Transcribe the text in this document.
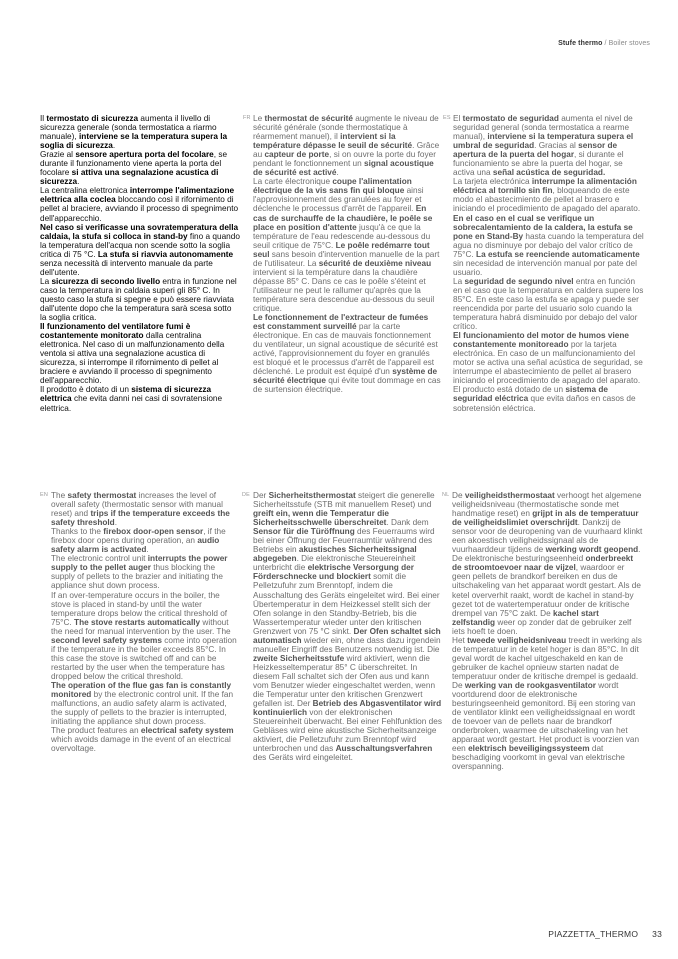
Stufe thermo / Boiler stoves
FR	ES
EN	DE	NL
Il termostato di sicurezza aumenta il livello di sicurezza generale (sonda termostatica a riarmo manuale), interviene se la temperatura supera la soglia di sicurezza.
Grazie al sensore apertura porta del focolare, se durante il funzionamento viene aperta la porta del focolare si attiva una segnalazione acustica di sicurezza.
La centralina elettronica interrompe l'alimentazione elettrica alla coclea bloccando così il rifornimento di pellet al braciere, avviando il processo di spegnimento dell'apparecchio.
Nel caso si verificasse una sovratemperatura della caldaia, la stufa si colloca in stand-by fino a quando la temperatura dell'acqua non scende sotto la soglia critica di 75 °C. La stufa si riavvia autonomamente senza necessità di intervento manuale da parte dell'utente.
La sicurezza di secondo livello entra in funzione nel caso la temperatura in caldaia superi gli 85° C. In questo caso la stufa si spegne e può essere riavviata dall'utente dopo che la temperatura sarà scesa sotto la soglia critica.
Il funzionamento del ventilatore fumi è costantemente monitorato dalla centralina elettronica. Nel caso di un malfunzionamento della ventola si attiva una segnalazione acustica di sicurezza, si interrompe il rifornimento di pellet al braciere e avviando il processo di spegnimento dell'apparecchio.
Il prodotto è dotato di un sistema di sicurezza elettrica che evita danni nei casi di sovratensione elettrica.
Le thermostat de sécurité augmente le niveau de sécurité générale (sonde thermostatique à réarmement manuel), il intervient si la température dépasse le seuil de sécurité. Grâce au capteur de porte, si on ouvre la porte du foyer pendant le fonctionnement un signal acoustique de sécurité est activé.
La carte électronique coupe l'alimentation électrique de la vis sans fin qui bloque ainsi l'approvisionnement des granulées au foyer et déclenche le processus d'arrêt de l'appareil. En cas de surchauffe de la chaudière, le poêle se place en position d'attente jusqu'à ce que la température de l'eau redescende au-dessous du seuil critique de 75°C. Le poêle redémarre tout seul sans besoin d'intervention manuelle de la part de l'utilisateur. La sécurité de deuxième niveau intervient si la température dans la chaudière dépasse 85° C. Dans ce cas le poêle s'éteint et l'utilisateur ne peut le rallumer qu'après que la température sera descendue au-dessous du seuil critique.
Le fonctionnement de l'extracteur de fumées est constamment surveillé par la carte électronique. En cas de mauvais fonctionnement du ventilateur, un signal acoustique de sécurité est activé, l'approvisionnement du foyer en granulés est bloqué et le processus d'arrêt de l'appareil est déclenché. Le produit est équipé d'un système de sécurité électrique qui évite tout dommage en cas de surtension électrique.
El termostato de seguridad aumenta el nivel de seguridad general (sonda termostatica a rearme manual), interviene si la temperatura supera el umbral de seguridad. Gracias al sensor de apertura de la puerta del hogar, si durante el funcionamiento se abre la puerta del hogar, se activa una señal acústica de seguridad.
La tarjeta electrónica interrumpe la alimentación eléctrica al tornillo sin fin, bloqueando de este modo el abastecimiento de pellet al brasero e iniciando el procedimiento de apagado del aparato.
En el caso en el cual se verifique un sobrecalentamiento de la caldera, la estufa se pone en Stand-By hasta cuando la temperatura del agua no disminuye por debajo del valor crítico de 75°C. La estufa se reenciende automaticamente sin necesidad de intervención manual por pate del usuario.
La seguridad de segundo nivel entra en función en el caso que la temperatura en caldera supere los 85°C. En este caso la estufa se apaga y puede ser reencendida por parte del usuario solo cuando la temperatura habrá disminuido por debajo del valor crítico.
El funcionamiento del motor de humos viene constantemente monitoreado por la tarjeta electrónica. En caso de un malfuncionamiento del motor se activa una señal acústica de seguridad, se interrumpe el abastecimiento de pellet al brasero iniciando el procedimiento de apagado del aparato.
El producto está dotado de un sistema de seguridad eléctrica que evita daños en casos de sobretensión eléctrica.
The safety thermostat increases the level of overall safety (thermostatic sensor with manual reset) and trips if the temperature exceeds the safety threshold.
Thanks to the firebox door-open sensor, if the firebox door opens during operation, an audio safety alarm is activated.
The electronic control unit interrupts the power supply to the pellet auger thus blocking the supply of pellets to the brazier and initiating the appliance shut down process.
If an over-temperature occurs in the boiler, the stove is placed in stand-by until the water temperature drops below the critical threshold of 75°C. The stove restarts automatically without the need for manual intervention by the user. The second level safety systems come into operation if the temperature in the boiler exceeds 85°C. In this case the stove is switched off and can be restarted by the user when the temperature has dropped below the critical threshold.
The operation of the flue gas fan is constantly monitored by the electronic control unit. If the fan malfunctions, an audio safety alarm is activated, the supply of pellets to the brazier is interrupted, initiating the appliance shut down process.
The product features an electrical safety system which avoids damage in the event of an electrical overvoltage.
Der Sicherheitsthermostat steigert die generelle Sicherheitsstufe (STB mit manuellem Reset) und greift ein, wenn die Temperatur die Sicherheitsschwelle überschreitet. Dank dem Sensor für die Türöffnung des Feuerraums wird bei einer Öffnung der Feuerraumtür während des Betriebs ein akustisches Sicherheitssignal abgegeben. Die elektronische Steuereinheit unterbricht die elektrische Versorgung der Förderschnecke und blockiert somit die Pelletzufuhr zum Brenntopf, indem die Ausschaltung des Geräts eingeleitet wird. Bei einer Übertemperatur in dem Heizkessel stellt sich der Ofen solange in den Standby-Betrieb, bis die Wassertemperatur wieder unter den kritischen Grenzwert von 75 °C sinkt. Der Ofen schaltet sich automatisch wieder ein, ohne dass dazu irgendein manueller Eingriff des Benutzers notwendig ist. Die zweite Sicherheitsstufe wird aktiviert, wenn die Heizkesseltemperatur 85° C überschreitet. In diesem Fall schaltet sich der Ofen aus und kann vom Benutzer wieder eingeschaltet werden, wenn die Temperatur unter den kritischen Grenzwert gefallen ist. Der Betrieb des Abgasventilator wird kontinuierlich von der elektronischen Steuereinheit überwacht. Bei einer Fehlfunktion des Gebläses wird eine akustische Sicherheitsanzeige aktiviert, die Pelletzufuhr zum Brenntopf wird unterbrochen und das Ausschaltungsverfahren des Geräts wird eingeleitet.
De veiligheidsthermostaat verhoogt het algemene veiligheidsniveau (thermostatische sonde met handmatige reset) en grijpt in als de temperatuur de veiligheidslimiet overschrijdt. Dankzij de sensor voor de deuropening van de vuurhaard klinkt een akoestisch veiligheidssignaal als de vuurhaarddeur tijdens de werking wordt geopend. De elektronische besturingseenheid onderbreekt de stroomtoevoer naar de vijzel, waardoor er geen pellets de brandkorf bereiken en dus de uitschakeling van het apparaat wordt gestart. Als de ketel oververhit raakt, wordt de kachel in stand-by gezet tot de watertemperatuur onder de kritische drempel van 75°C zakt. De kachel start zelfstandig weer op zonder dat de gebruiker zelf iets hoeft te doen.
Het tweede veiligheidsniveau treedt in werking als de temperatuur in de ketel hoger is dan 85°C. In dit geval wordt de kachel uitgeschakeld en kan de gebruiker de kachel opnieuw starten nadat de temperatuur onder de kritische drempel is gedaald. De werking van de rookgasventilator wordt voortdurend door de elektronische besturingseenheid gemonitord. Bij een storing van de ventilator klinkt een veiligheidssignaal en wordt de toevoer van de pellets naar de brandkorf onderbroken, waarmee de uitschakeling van het apparaat wordt gestart. Het product is voorzien van een elektrisch beveiligingssysteem dat beschadiging voorkomt in geval van elektrische overspanning.
PIAZZETTA_THERMO 33
